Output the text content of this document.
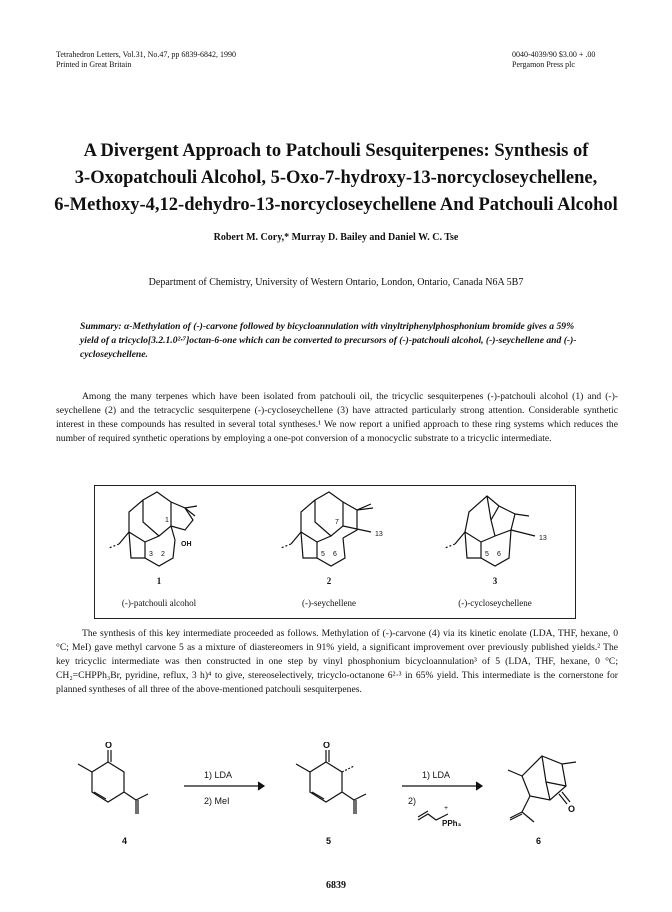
Tetrahedron Letters, Vol.31, No.47, pp 6839-6842, 1990
Printed in Great Britain
0040-4039/90 $3.00 + .00
Pergamon Press plc
A Divergent Approach to Patchouli Sesquiterpenes: Synthesis of
3-Oxopatchouli Alcohol, 5-Oxo-7-hydroxy-13-norcycloseychellene,
6-Methoxy-4,12-dehydro-13-norcycloseychellene And Patchouli Alcohol
Robert M. Cory,* Murray D. Bailey and Daniel W. C. Tse
Department of Chemistry, University of Western Ontario, London, Ontario, Canada N6A 5B7
Summary: α-Methylation of (-)-carvone followed by bicycloannulation with vinyltriphenylphosphonium bromide gives a 59% yield of a tricyclo[3.2.1.0²·⁷]octan-6-one which can be converted to precursors of (-)-patchouli alcohol, (-)-seychellene and (-)-cycloseychellene.
Among the many terpenes which have been isolated from patchouli oil, the tricyclic sesquiterpenes (-)-patchouli alcohol (1) and (-)-seychellene (2) and the tetracyclic sesquiterpene (-)-cycloseychellene (3) have attracted particularly strong attention. Considerable synthetic interest in these compounds has resulted in several total syntheses.¹ We now report a unified approach to these ring systems which reduces the number of required synthetic operations by employing a one-pot conversion of a monocyclic substrate to a tricyclic intermediate.
1
2
3
OH
7
5 6
13
5 6
13
1	2	3
(-)-patchouli alcohol	(-)-seychellene	(-)-cycloseychellene
The synthesis of this key intermediate proceeded as follows. Methylation of (-)-carvone (4) via its kinetic enolate (LDA, THF, hexane, 0 °C; MeI) gave methyl carvone 5 as a mixture of diastereomers in 91% yield, a significant improvement over previously published yields.² The key tricyclic intermediate was then constructed in one step by vinyl phosphonium bicycloannulation³ of 5 (LDA, THF, hexane, 0 °C; CH₂=CHPPh₃Br, pyridine, reflux, 3 h)⁴ to give, stereoselectively, tricyclo-octanone 6²·³ in 65% yield. This intermediate is the cornerstone for planned syntheses of all three of the above-mentioned patchouli sesquiterpenes.
O	O
O
1) LDA
2) MeI
1) LDA
2)
+
PPh₃
4	5	6
6839
